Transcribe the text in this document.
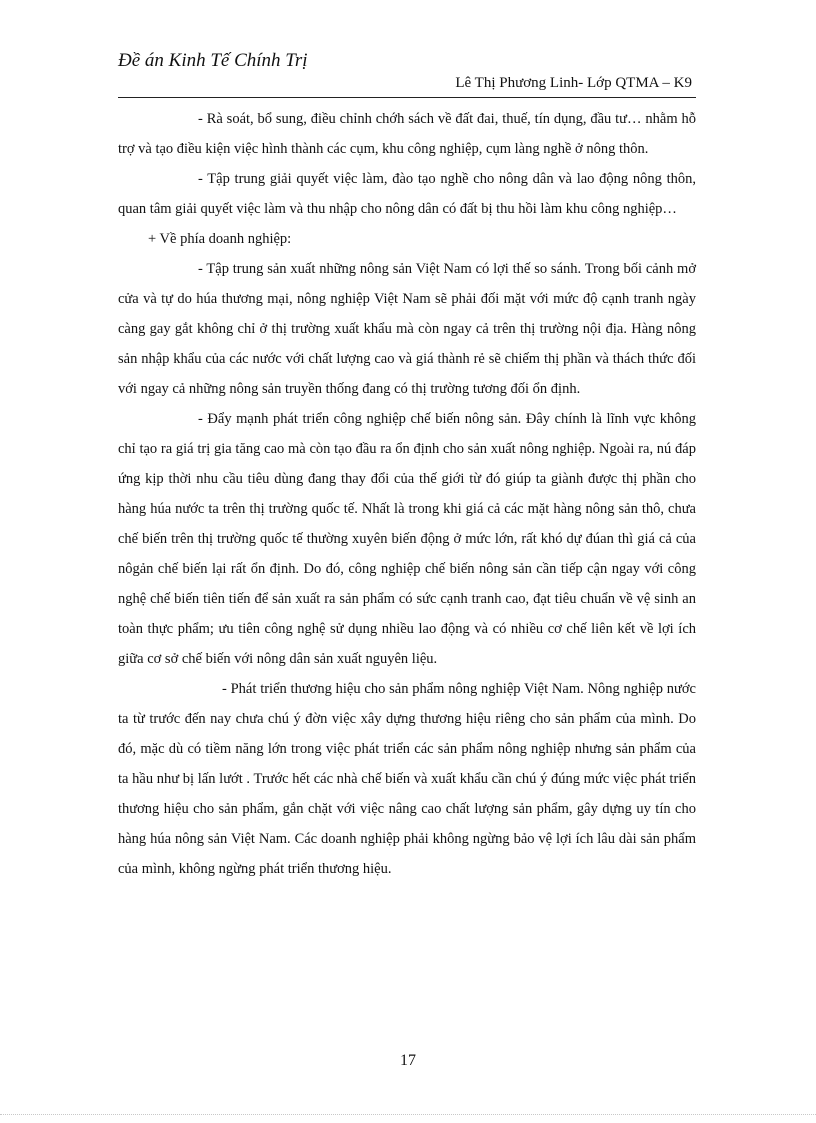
Đề án Kinh Tế Chính Trị
Lê Thị Phương Linh- Lớp QTMA – K9

- Rà soát, bổ sung, điều chỉnh chớh sách về đất đai, thuế, tín dụng, đầu tư… nhằm hỗ trợ và tạo điều kiện việc hình thành các cụm, khu công nghiệp, cụm làng nghề ở nông thôn.

- Tập trung giải quyết việc làm, đào tạo nghề cho nông dân và lao động nông thôn, quan tâm giải quyết việc làm và thu nhập cho nông dân có đất bị thu hồi làm khu công nghiệp…

+ Về phía doanh nghiệp:

- Tập trung sản xuất những nông sản Việt Nam có lợi thế so sánh. Trong bối cảnh mở cửa và tự do húa thương mại, nông nghiệp Việt Nam sẽ phải đối mặt với mức độ cạnh tranh ngày càng gay gắt không chỉ ở thị trường xuất khẩu mà còn ngay cả trên thị trường nội địa. Hàng nông sản nhập khẩu của các nước với chất lượng cao và giá thành rẻ sẽ chiếm thị phần và thách thức đối với ngay cả những nông sản truyền thống đang có thị trường tương đối ổn định.

- Đẩy mạnh phát triển công nghiệp chế biến nông sản. Đây chính là lĩnh vực không chỉ tạo ra giá trị gia tăng cao mà còn tạo đầu ra ổn định cho sản xuất nông nghiệp. Ngoài ra, nú đáp ứng kịp thời nhu cầu tiêu dùng đang thay đổi của thế giới từ đó giúp ta giành được thị phần cho hàng húa nước ta trên thị trường quốc tế. Nhất là trong khi giá cả các mặt hàng nông sản thô, chưa chế biến trên thị trường quốc tế thường xuyên biến động ở mức lớn, rất khó dự đúan thì giá cả của nôgản chế biến lại rất ổn định. Do đó, công nghiệp chế biến nông sản cần tiếp cận ngay với công nghệ chế biến tiên tiến để sản xuất ra sản phẩm có sức cạnh tranh cao, đạt tiêu chuẩn về vệ sinh an toàn thực phẩm; ưu tiên công nghệ sử dụng nhiều lao động và có nhiều cơ chế liên kết về lợi ích giữa cơ sở chế biến với nông dân sản xuất nguyên liệu.

- Phát triển thương hiệu cho sản phẩm nông nghiệp Việt Nam. Nông nghiệp nước ta từ trước đến nay chưa chú ý đờn việc xây dựng thương hiệu riêng cho sản phẩm của mình. Do đó, mặc dù có tiềm năng lớn trong việc phát triển các sản phẩm nông nghiệp nhưng sản phẩm của ta hầu như bị lấn lướt . Trước hết các nhà chế biến và xuất khẩu cần chú ý đúng mức việc phát triển thương hiệu cho sản phẩm, gắn chặt với việc nâng cao chất lượng sản phẩm, gây dựng uy tín cho hàng húa nông sản Việt Nam. Các doanh nghiệp phải không ngừng bảo vệ lợi ích lâu dài sản phẩm của mình, không ngừng phát triển thương hiệu.

17
